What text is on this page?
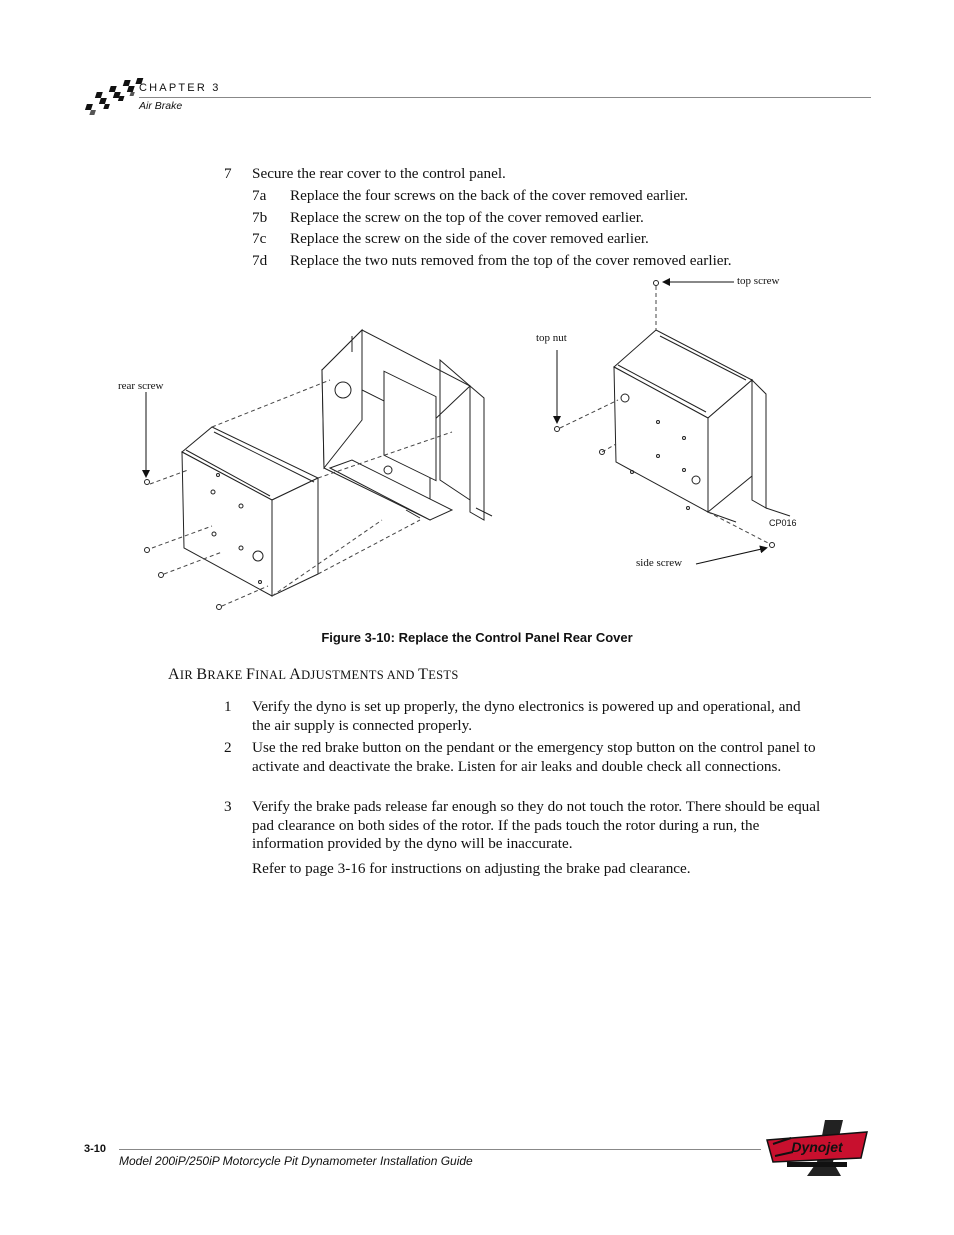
CHAPTER 3
Air Brake
7 Secure the rear cover to the control panel.
7a Replace the four screws on the back of the cover removed earlier.
7b Replace the screw on the top of the cover removed earlier.
7c Replace the screw on the side of the cover removed earlier.
7d Replace the two nuts removed from the top of the cover removed earlier.
rear screw
top nut
top screw
side screw
CP016
Figure 3-10: Replace the Control Panel Rear Cover
AIR BRAKE FINAL ADJUSTMENTS AND TESTS
1 Verify the dyno is set up properly, the dyno electronics is powered up and operational, and the air supply is connected properly.
2 Use the red brake button on the pendant or the emergency stop button on the control panel to activate and deactivate the brake. Listen for air leaks and double check all connections.
3 Verify the brake pads release far enough so they do not touch the rotor. There should be equal pad clearance on both sides of the rotor. If the pads touch the rotor during a run, the information provided by the dyno will be inaccurate.
Refer to page 3-16 for instructions on adjusting the brake pad clearance.
3-10
Model 200iP/250iP Motorcycle Pit Dynamometer Installation Guide
Dynojet
